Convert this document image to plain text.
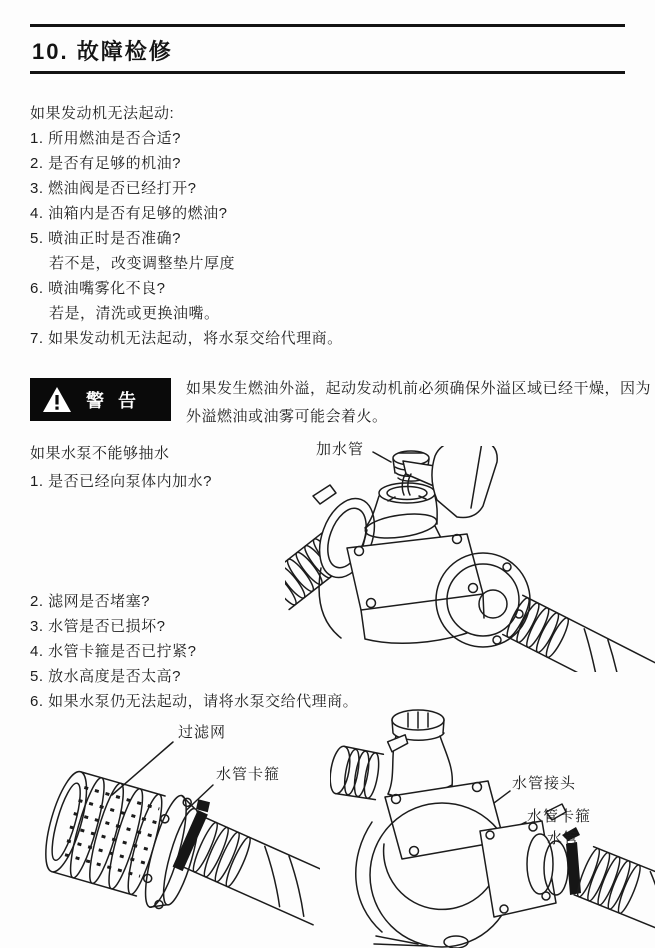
10. 故障检修
如果发动机无法起动:
1. 所用燃油是否合适?
2. 是否有足够的机油?
3. 燃油阀是否已经打开?
4. 油箱内是否有足够的燃油?
5. 喷油正时是否准确?
若不是，改变调整垫片厚度
6. 喷油嘴雾化不良?
若是，清洗或更换油嘴。
7. 如果发动机无法起动，将水泵交给代理商。
警告
如果发生燃油外溢，起动发动机前必须确保外溢区域已经干燥，因为外溢燃油或油雾可能会着火。
如果水泵不能够抽水
1. 是否已经向泵体内加水?
2. 滤网是否堵塞?
3. 水管是否已损坏?
4. 水管卡箍是否已拧紧?
5. 放水高度是否太高?
6. 如果水泵仍无法起动，请将水泵交给代理商。
加水管
过滤网
水管卡箍
水管接头
水管卡箍
水管
